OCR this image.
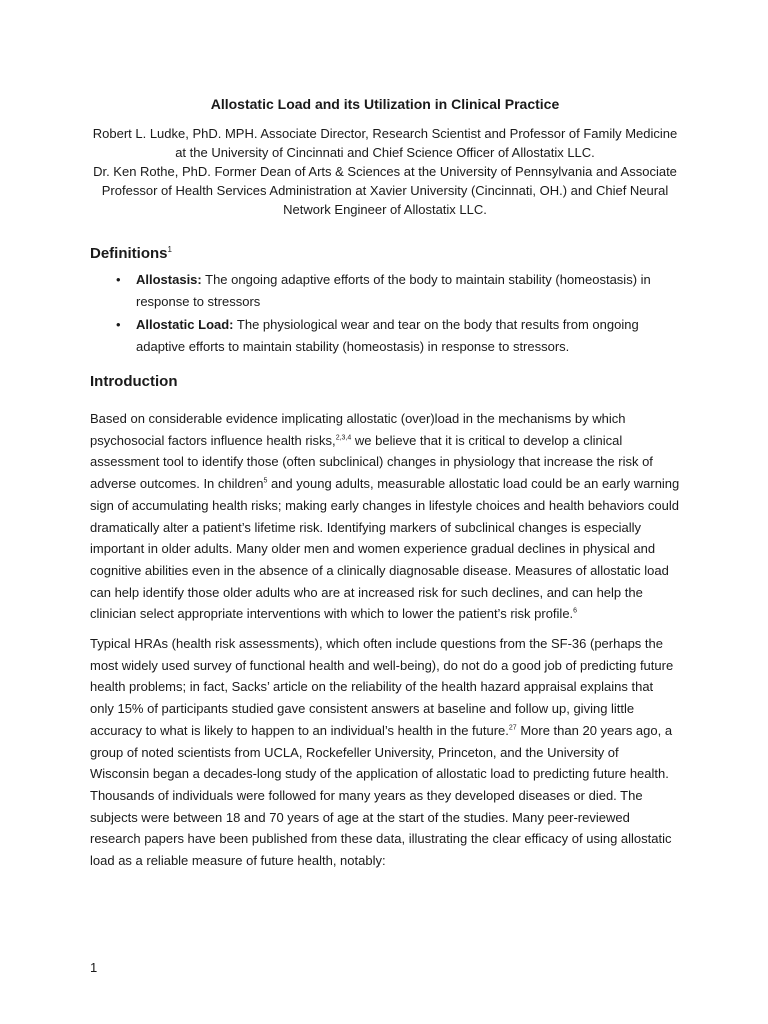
Allostatic Load and its Utilization in Clinical Practice

Robert L. Ludke, PhD. MPH. Associate Director, Research Scientist and Professor of Family Medicine at the University of Cincinnati and Chief Science Officer of Allostatix LLC.

Dr. Ken Rothe, PhD. Former Dean of Arts & Sciences at the University of Pennsylvania and Associate Professor of Health Services Administration at Xavier University (Cincinnati, OH.) and Chief Neural Network Engineer of Allostatix LLC.

Definitions$^1$
• Allostasis: The ongoing adaptive efforts of the body to maintain stability (homeostasis) in response to stressors
• Allostatic Load: The physiological wear and tear on the body that results from ongoing adaptive efforts to maintain stability (homeostasis) in response to stressors.
Introduction

Based on considerable evidence implicating allostatic (over)load in the mechanisms by which psychosocial factors influence health risks,$^{2,3,4}$ we believe that it is critical to develop a clinical assessment tool to identify those (often subclinical) changes in physiology that increase the risk of adverse outcomes. In children$^5$ and young adults, measurable allostatic load could be an early warning sign of accumulating health risks; making early changes in lifestyle choices and health behaviors could dramatically alter a patient’s lifetime risk. Identifying markers of subclinical changes is especially important in older adults. Many older men and women experience gradual declines in physical and cognitive abilities even in the absence of a clinically diagnosable disease. Measures of allostatic load can help identify those older adults who are at increased risk for such declines, and can help the clinician select appropriate interventions with which to lower the patient’s risk profile.$^6$

Typical HRAs (health risk assessments), which often include questions from the SF-36 (perhaps the most widely used survey of functional health and well-being), do not do a good job of predicting future health problems; in fact, Sacks’ article on the reliability of the health hazard appraisal explains that only 15% of participants studied gave consistent answers at baseline and follow up, giving little accuracy to what is likely to happen to an individual’s health in the future.$^{27}$ More than 20 years ago, a group of noted scientists from UCLA, Rockefeller University, Princeton, and the University of Wisconsin began a decades-long study of the application of allostatic load to predicting future health. Thousands of individuals were followed for many years as they developed diseases or died. The subjects were between 18 and 70 years of age at the start of the studies. Many peer-reviewed research papers have been published from these data, illustrating the clear efficacy of using allostatic load as a reliable measure of future health, notably:

1
